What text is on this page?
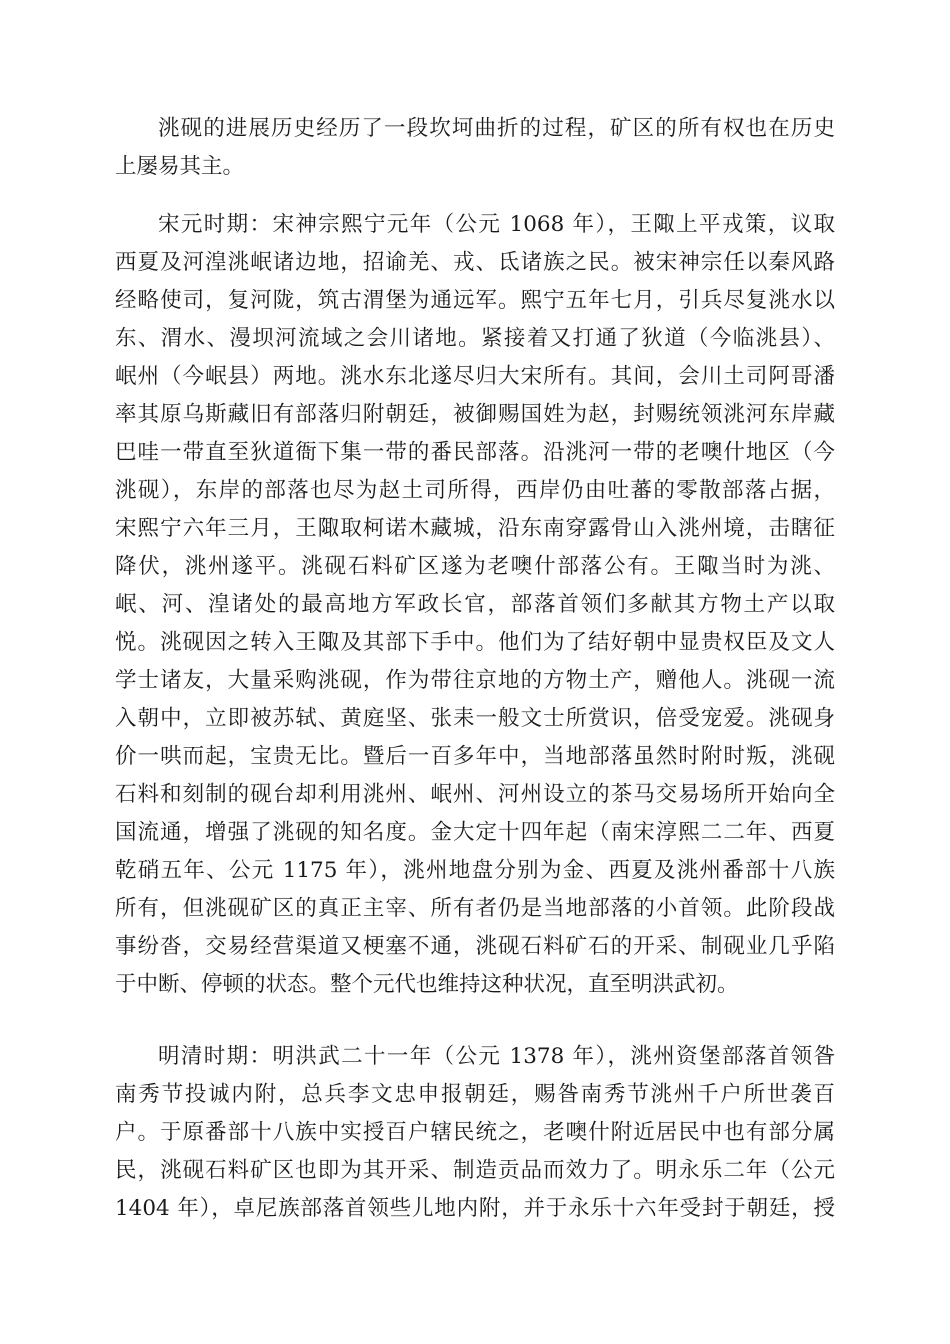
洮砚的进展历史经历了一段坎坷曲折的过程，矿区的所有权也在历史
上屡易其主。
宋元时期：宋神宗熙宁元年（公元 1068 年），王陬上平戎策，议取
西夏及河湟洮岷诸边地，招谕羌、戎、氐诸族之民。被宋神宗任以秦风路
经略使司，复河陇，筑古渭堡为通远军。熙宁五年七月，引兵尽复洮水以
东、渭水、漫坝河流域之会川诸地。紧接着又打通了狄道（今临洮县）、
岷州（今岷县）两地。洮水东北遂尽归大宋所有。其间，会川土司阿哥潘
率其原乌斯藏旧有部落归附朝廷，被御赐国姓为赵，封赐统领洮河东岸藏
巴哇一带直至狄道衙下集一带的番民部落。沿洮河一带的老噢什地区（今
洮砚），东岸的部落也尽为赵土司所得，西岸仍由吐蕃的零散部落占据，
宋熙宁六年三月，王陬取柯诺木藏城，沿东南穿露骨山入洮州境，击瞎征
降伏，洮州遂平。洮砚石料矿区遂为老噢什部落公有。王陬当时为洮、
岷、河、湟诸处的最高地方军政长官，部落首领们多献其方物土产以取
悦。洮砚因之转入王陬及其部下手中。他们为了结好朝中显贵权臣及文人
学士诸友，大量采购洮砚，作为带往京地的方物土产，赠他人。洮砚一流
入朝中，立即被苏轼、黄庭坚、张耒一般文士所赏识，倍受宠爱。洮砚身
价一哄而起，宝贵无比。暨后一百多年中，当地部落虽然时附时叛，洮砚
石料和刻制的砚台却利用洮州、岷州、河州设立的茶马交易场所开始向全
国流通，增强了洮砚的知名度。金大定十四年起（南宋淳熙二二年、西夏
乾硝五年、公元 1175 年），洮州地盘分别为金、西夏及洮州番部十八族
所有，但洮砚矿区的真正主宰、所有者仍是当地部落的小首领。此阶段战
事纷沓，交易经营渠道又梗塞不通，洮砚石料矿石的开采、制砚业几乎陷
于中断、停顿的状态。整个元代也维持这种状况，直至明洪武初。
明清时期：明洪武二十一年（公元 1378 年），洮州资堡部落首领昝
南秀节投诚内附，总兵李文忠申报朝廷，赐昝南秀节洮州千户所世袭百
户。于原番部十八族中实授百户辖民统之，老噢什附近居民中也有部分属
民，洮砚石料矿区也即为其开采、制造贡品而效力了。明永乐二年（公元
1404 年），卓尼族部落首领些儿地内附，并于永乐十六年受封于朝廷，授
